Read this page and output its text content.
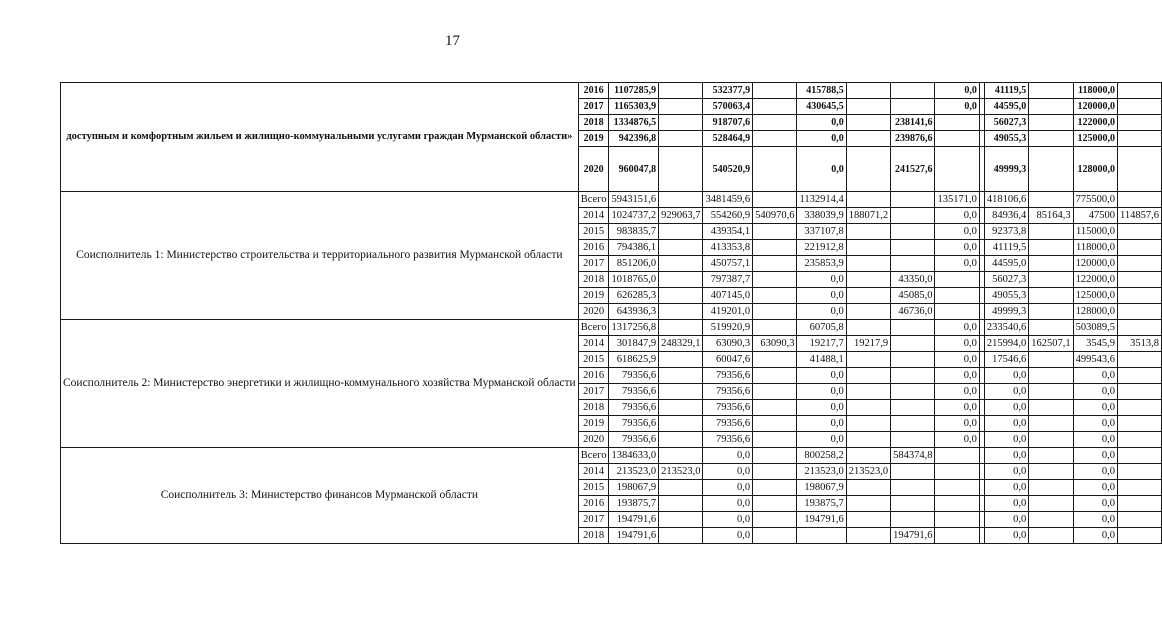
17
доступным и комфортным жильем и жилищно-коммунальными услугами граждан Мурманской области»	2016	1107285,9		532377,9		415788,5			0,0		41119,5		118000,0	
	2017	1165303,9		570063,4		430645,5			0,0		44595,0		120000,0	
	2018	1334876,5		918707,6		0,0		238141,6			56027,3		122000,0	
	2019	942396,8		528464,9		0,0		239876,6			49055,3		125000,0	
	2020	960047,8		540520,9		0,0		241527,6			49999,3		128000,0	
Соисполнитель 1: Министерство строительства и территориального развития Мурманской области	Всего	5943151,6		3481459,6		1132914,4			135171,0		418106,6		775500,0	
	2014	1024737,2	929063,7	554260,9	540970,6	338039,9	188071,2		0,0		84936,4	85164,3	47500	114857,6
	2015	983835,7		439354,1		337107,8			0,0		92373,8		115000,0	
	2016	794386,1		413353,8		221912,8			0,0		41119,5		118000,0	
	2017	851206,0		450757,1		235853,9			0,0		44595,0		120000,0	
	2018	1018765,0		797387,7		0,0		43350,0			56027,3		122000,0	
	2019	626285,3		407145,0		0,0		45085,0			49055,3		125000,0	
	2020	643936,3		419201,0		0,0		46736,0			49999,3		128000,0	
Соисполнитель 2: Министерство энергетики и жилищно-коммунального хозяйства Мурманской области	Всего	1317256,8		519920,9		60705,8			0,0		233540,6		503089,5	
	2014	301847,9	248329,1	63090,3	63090,3	19217,7	19217,9		0,0		215994,0	162507,1	3545,9	3513,8
	2015	618625,9		60047,6		41488,1			0,0		17546,6		499543,6	
	2016	79356,6		79356,6		0,0			0,0		0,0		0,0	
	2017	79356,6		79356,6		0,0			0,0		0,0		0,0	
	2018	79356,6		79356,6		0,0			0,0		0,0		0,0	
	2019	79356,6		79356,6		0,0			0,0		0,0		0,0	
	2020	79356,6		79356,6		0,0			0,0		0,0		0,0	
Соисполнитель 3: Министерство финансов Мурманской области	Всего	1384633,0		0,0		800258,2		584374,8			0,0		0,0	
	2014	213523,0	213523,0	0,0		213523,0	213523,0				0,0		0,0	
	2015	198067,9		0,0		198067,9					0,0		0,0	
	2016	193875,7		0,0		193875,7					0,0		0,0	
	2017	194791,6		0,0		194791,6					0,0		0,0	
	2018	194791,6		0,0				194791,6			0,0		0,0	
